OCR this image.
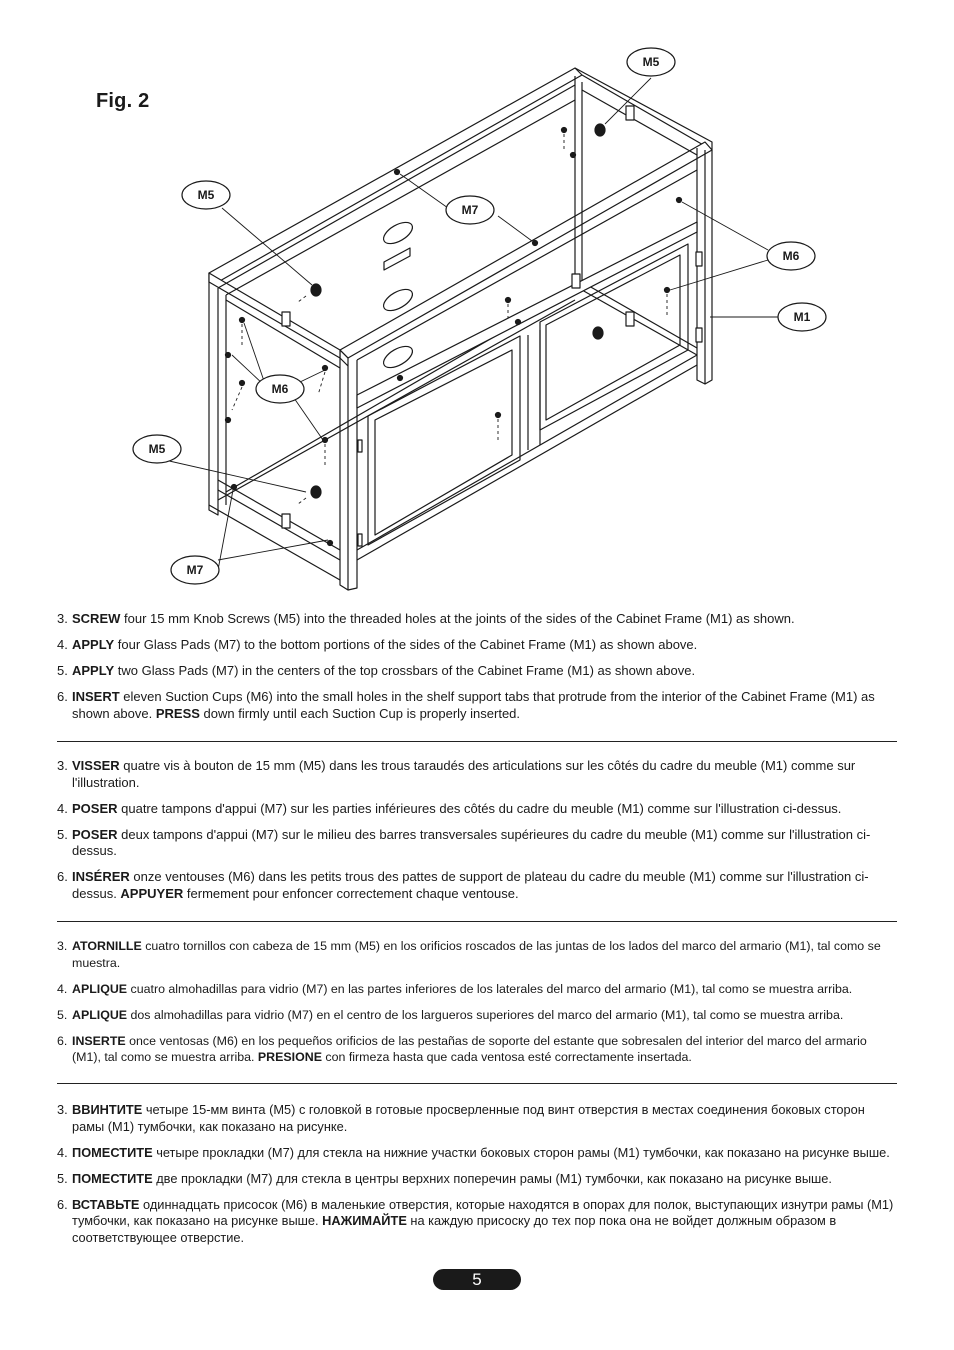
Fig. 2
M5
M5
M5
M7
M7
M6
M6
M1
3. SCREW four 15 mm Knob Screws (M5) into the threaded holes at the joints of the sides of the Cabinet Frame (M1) as shown.
4. APPLY four Glass Pads (M7) to the bottom portions of the sides of the Cabinet Frame (M1) as shown above.
5. APPLY two Glass Pads (M7) in the centers of the top crossbars of the Cabinet Frame (M1) as shown above.
6. INSERT eleven Suction Cups (M6) into the small holes in the shelf support tabs that protrude from the interior of the Cabinet Frame (M1) as shown above. PRESS down firmly until each Suction Cup is properly inserted.
3. VISSER quatre vis à bouton de 15 mm (M5) dans les trous taraudés des articulations sur les côtés du cadre du meuble (M1) comme sur l'illustration.
4. POSER quatre tampons d'appui (M7) sur les parties inférieures des côtés du cadre du meuble (M1) comme sur l'illustration ci-dessus.
5. POSER deux tampons d'appui (M7) sur le milieu des barres transversales supérieures du cadre du meuble (M1) comme sur l'illustration ci-dessus.
6. INSÉRER onze ventouses (M6) dans les petits trous des pattes de support de plateau du cadre du meuble (M1) comme sur l'illustration ci-dessus. APPUYER fermement pour enfoncer correctement chaque ventouse.
3. ATORNILLE cuatro tornillos con cabeza de 15 mm (M5) en los orificios roscados de las juntas de los lados del marco del armario (M1), tal como se muestra.
4. APLIQUE cuatro almohadillas para vidrio (M7) en las partes inferiores de los laterales del marco del armario (M1), tal como se muestra arriba.
5. APLIQUE dos almohadillas para vidrio (M7) en el centro de los largueros superiores del marco del armario (M1), tal como se muestra arriba.
6. INSERTE once ventosas (M6) en los pequeños orificios de las pestañas de soporte del estante que sobresalen del interior del marco del armario (M1), tal como se muestra arriba. PRESIONE con firmeza hasta que cada ventosa esté correctamente insertada.
3. ВВИНТИТЕ четыре 15-мм винта (M5) с головкой в готовые просверленные под винт отверстия в местах соединения боковых сторон рамы (M1) тумбочки, как показано на рисунке.
4. ПОМЕСТИТЕ четыре прокладки (M7) для стекла на нижние участки боковых сторон рамы (M1) тумбочки, как показано на рисунке выше.
5. ПОМЕСТИТЕ две прокладки (M7) для стекла в центры верхних поперечин рамы (M1) тумбочки, как показано на рисунке выше.
6. ВСТАВЬТЕ одиннадцать присосок (M6) в маленькие отверстия, которые находятся в опорах для полок, выступающих изнутри рамы (M1) тумбочки, как показано на рисунке выше. НАЖИМАЙТЕ на каждую присоску до тех пор пока она не войдет должным образом в соответствующее отверстие.
5
